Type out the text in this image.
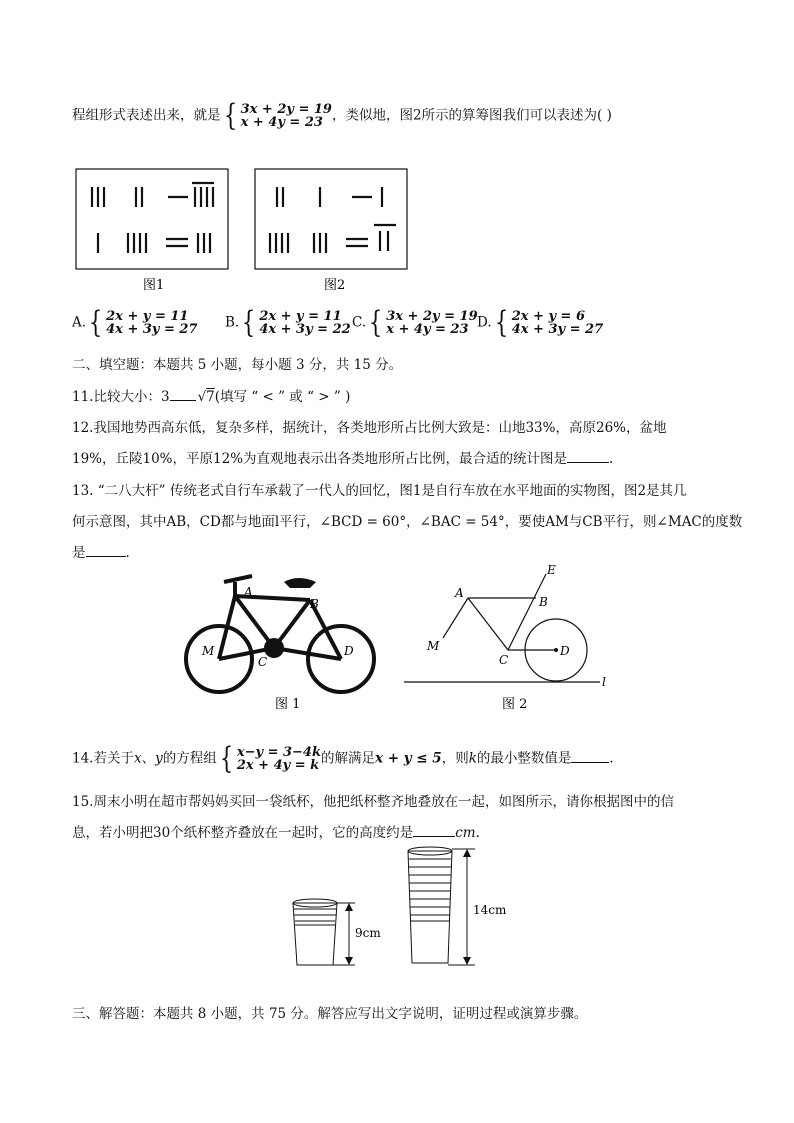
程组形式表述出来，就是 { 3x + 2y = 19
x + 4y = 23 ，类似地，图2所示的算筹图我们可以表述为( )
图1	图2
A. { 2x + y = 11
4x + 3y = 27 B. { 2x + y = 11
4x + 3y = 22 C. { 3x + 2y = 19
x + 4y = 23 D. { 2x + y = 6
4x + 3y = 27
二、填空题：本题共 5 小题，每小题 3 分，共 15 分。
11.比较大小：3 √7(填写 “ < ” 或 “ > ” )
12.我国地势西高东低，复杂多样，据统计，各类地形所占比例大致是：山地33%，高原26%，盆地
19%，丘陵10%，平原12%为直观地表示出各类地形所占比例，最合适的统计图是	.
13. “二八大杆” 传统老式自行车承载了一代人的回忆，图1是自行车放在水平地面的实物图，图2是其几
何示意图，其中AB，CD都与地面l平行，∠BCD = 60°，∠BAC = 54°，要使AM与CB平行，则∠MAC的度数
是	.
A
B
C
D
M
图 1
A
B
C
D
E
M
l
图 2
14.若关于x、y的方程组 { x−y = 3−4k
2x + 4y = k 的解满足x + y ≤ 5，则k的最小整数值是	.
15.周末小明在超市帮妈妈买回一袋纸杯，他把纸杯整齐地叠放在一起，如图所示，请你根据图中的信
息，若小明把30个纸杯整齐叠放在一起时，它的高度约是	cm.
9cm
14cm
三、解答题：本题共 8 小题，共 75 分。解答应写出文字说明，证明过程或演算步骤。
